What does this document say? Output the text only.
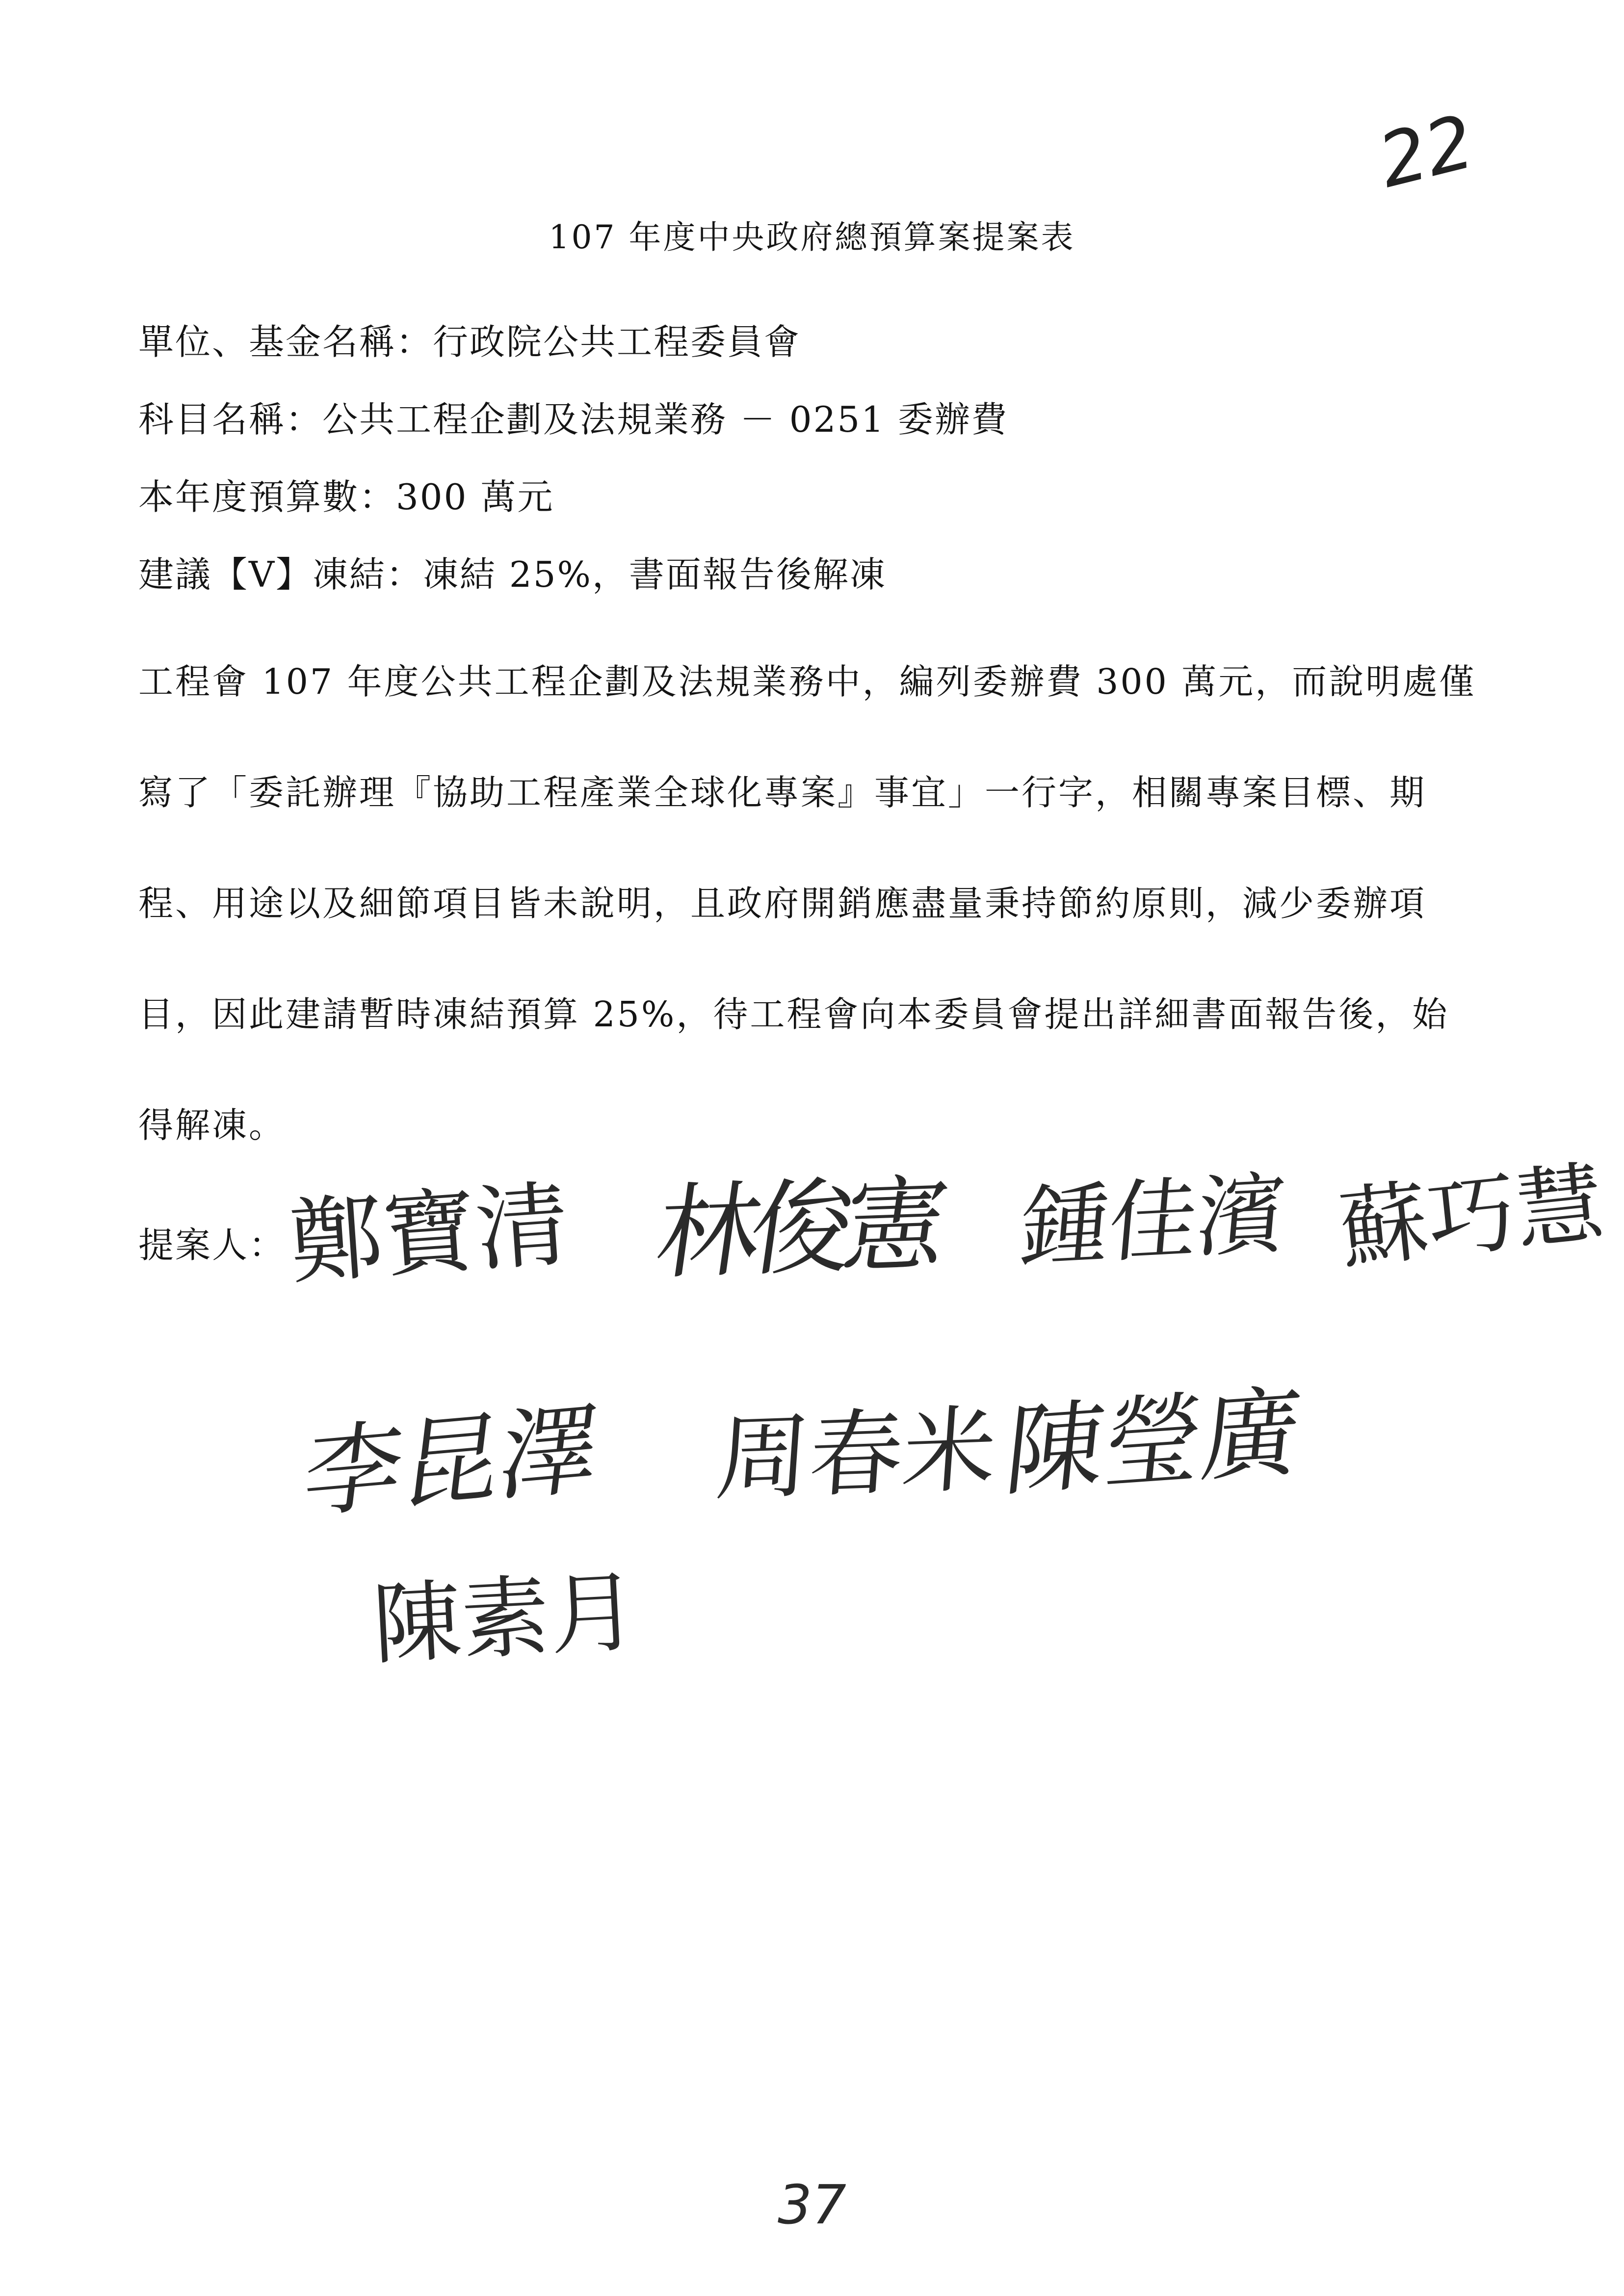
22
107 年度中央政府總預算案提案表
單位、基金名稱：行政院公共工程委員會
科目名稱：公共工程企劃及法規業務 － 0251 委辦費
本年度預算數：300 萬元
建議【V】凍結：凍結 25%，書面報告後解凍
工程會 107 年度公共工程企劃及法規業務中，編列委辦費 300 萬元，而說明處僅
寫了「委託辦理『協助工程產業全球化專案』事宜」一行字，相關專案目標、期
程、用途以及細節項目皆未說明，且政府開銷應盡量秉持節約原則，減少委辦項
目，因此建請暫時凍結預算 25%，待工程會向本委員會提出詳細書面報告後，始
得解凍。
提案人： 鄭寶清 林俊憲 鍾佳濱 蘇巧慧
李昆澤 周春米 陳瑩廣
陳素月
37
